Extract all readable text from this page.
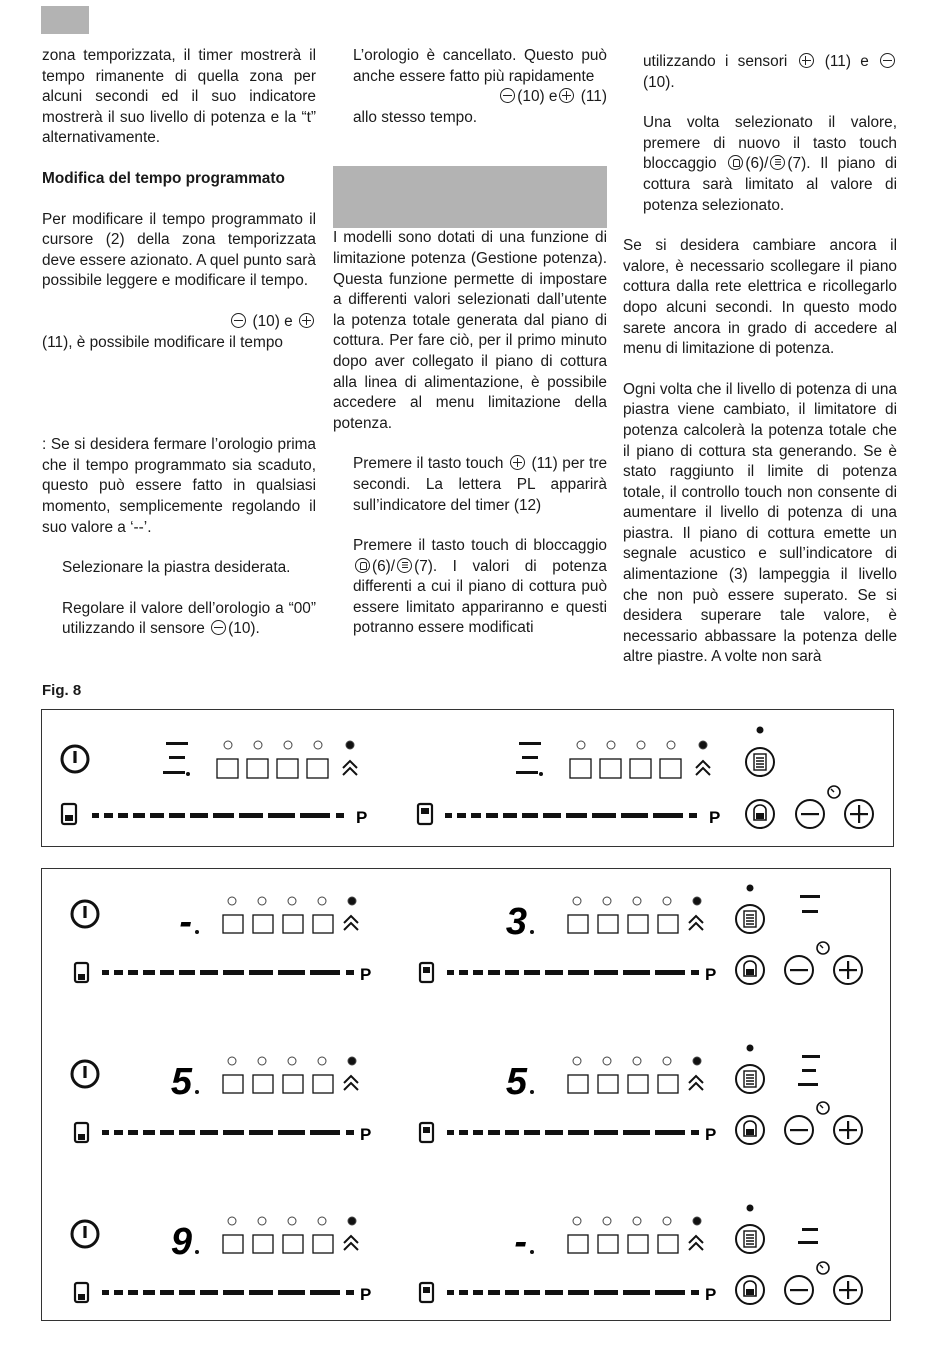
zona temporizzata, il timer mostrerà il tempo rimanente di quella zona per alcuni secondi ed il suo indicatore mostrerà il suo livello di potenza e la “t” alternativamente.

Modifica del tempo programmato

Per modificare il tempo programmato il cursore (2) della zona temporizzata deve essere azionato. A quel punto sarà possibile leggere e modificare il tempo.

(10) e
(11), è possibile modificare il tempo

: Se si desidera fermare l’orologio prima che il tempo programmato sia scaduto, questo può essere fatto in qualsiasi momento, semplicemente regolando il suo valore a ‘--’.

Selezionare la piastra desiderata.

Regolare il valore dell’orologio a “00” utilizzando il sensore (10).

L’orologio è cancellato. Questo può anche essere fatto più rapidamente
(10) e (11)
allo stesso tempo.

I modelli sono dotati di una funzione di limitazione potenza (Gestione potenza). Questa funzione permette di impostare a differenti valori selezionati dall’utente la potenza totale generata dal piano di cottura. Per fare ciò, per il primo minuto dopo aver collegato il piano di cottura alla linea di alimentazione, è possibile accedere al menu limitazione della potenza.

Premere il tasto touch (11) per tre secondi. La lettera PL apparirà sull’indicatore del timer (12)

Premere il tasto touch di bloccaggio (6)/ (7). I valori di potenza differenti a cui il piano di cottura può essere limitato appariranno e questi potranno essere modificati

utilizzando i sensori (11) e  (10).

Una volta selezionato il valore, premere di nuovo il tasto touch bloccaggio (6)/ (7). Il piano di cottura sarà limitato al valore di potenza selezionato.

Se si desidera cambiare ancora il valore, è necessario scollegare il piano cottura dalla rete elettrica e ricollegarlo dopo alcuni secondi. In questo modo sarete ancora in grado di accedere al menu di limitazione di potenza.

Ogni volta che il livello di potenza di una piastra viene cambiato, il limitatore di potenza calcolerà la potenza totale che il piano di cottura sta generando. Se è stato raggiunto il limite di potenza totale, il controllo touch non consente di aumentare il livello di potenza di una piastra. Il piano di cottura emette un segnale acustico e sull’indicatore di alimentazione (3) lampeggia il livello che non può essere superato. Se si desidera superare tale valore, è necessario abbassare la potenza delle altre piastre. A volte non sarà

Fig. 8
P	P
-
P
3
P
5
P
5
P
9
P
-
P
